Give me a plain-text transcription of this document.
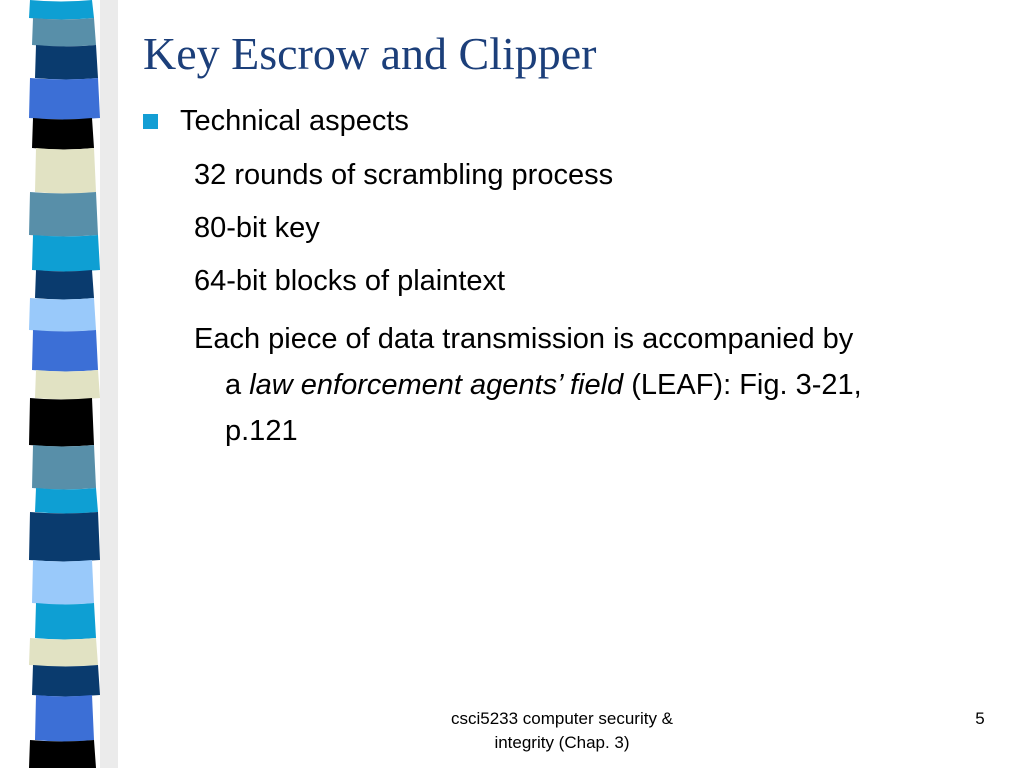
Key Escrow and Clipper
Technical aspects
32 rounds of scrambling process
80-bit key
64-bit blocks of plaintext
Each piece of data transmission is accompanied by
a law enforcement agents’ field (LEAF): Fig. 3-21,
p.121
csci5233 computer security &
integrity (Chap. 3)
5
